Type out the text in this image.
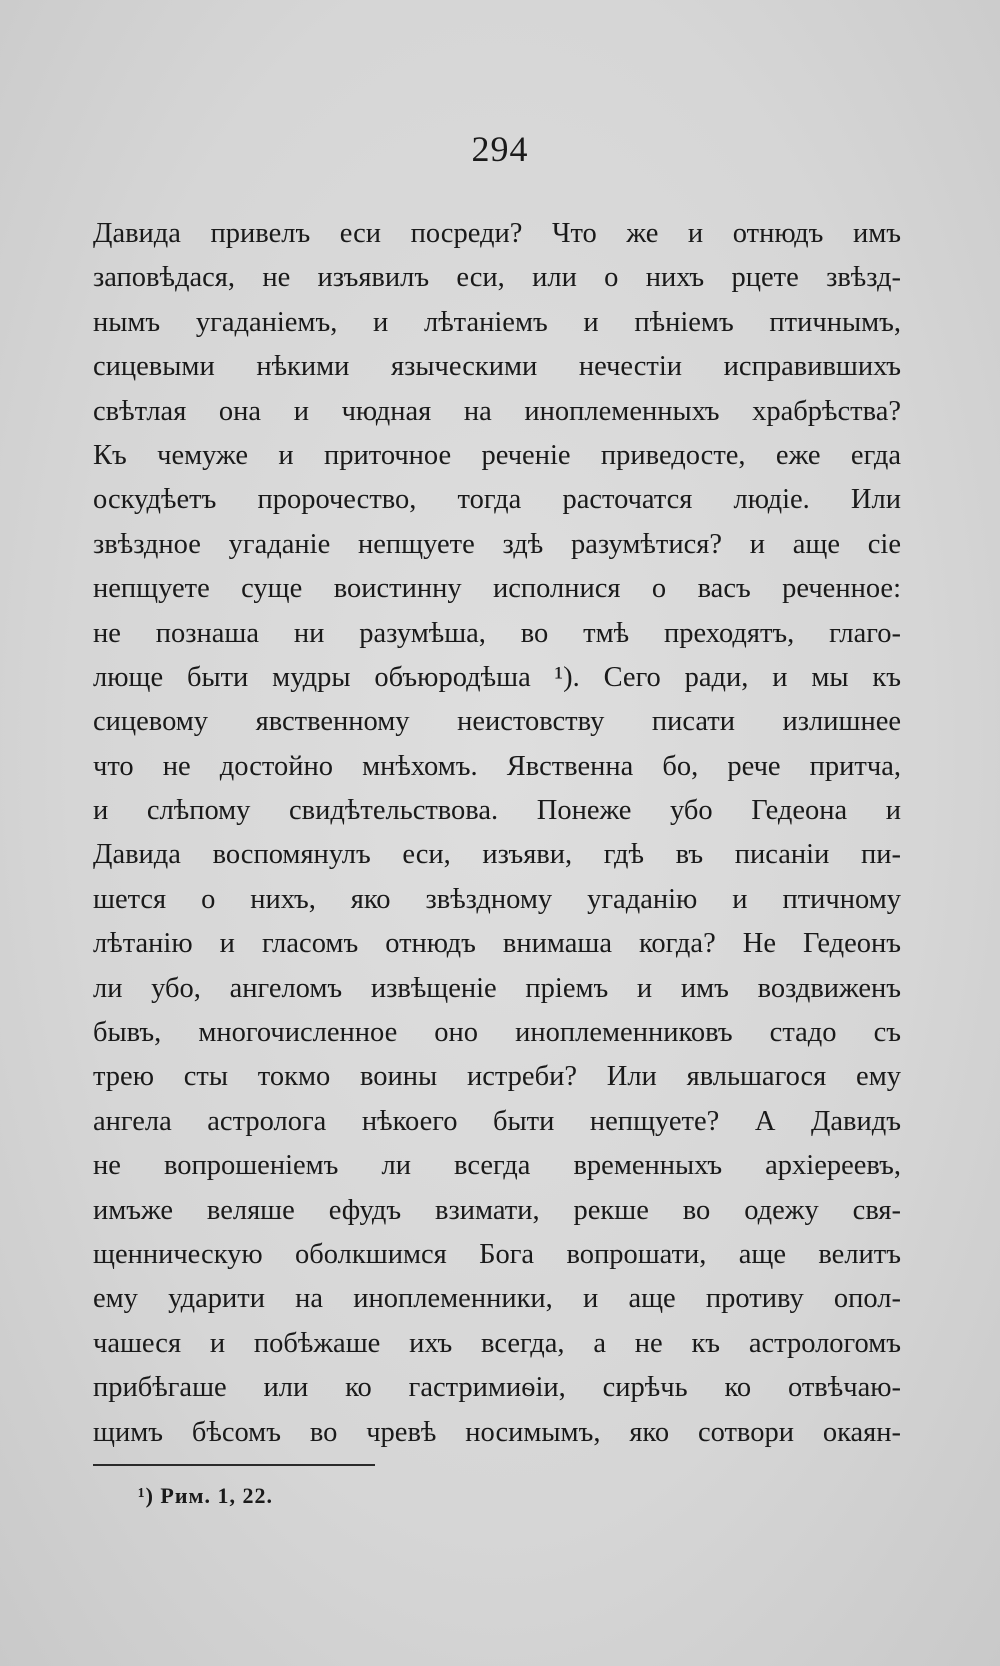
294
Давида привелъ еси посреди? Что же и отнюдъ имъ
заповѣдася, не изъявилъ еси, или о нихъ рцете звѣзд-
нымъ угаданіемъ, и лѣтаніемъ и пѣніемъ птичнымъ,
сицевыми нѣкими языческими нечестіи исправившихъ
свѣтлая она и чюдная на иноплеменныхъ храбрѣства?
Къ чемуже и приточное реченіе приведосте, еже егда
оскудѣетъ пророчество, тогда расточатся людіе. Или
звѣздное угаданіе непщуете здѣ разумѣтися? и аще сіе
непщуете суще воистинну исполнися о васъ реченное:
не познаша ни разумѣша, во тмѣ преходятъ, глаго-
люще быти мудры объюродѣша ¹). Сего ради, и мы къ
сицевому явственному неистовству писати излишнее
что не достойно мнѣхомъ. Явственна бо, рече притча,
и слѣпому свидѣтельствова. Понеже убо Гедеона и
Давида воспомянулъ еси, изъяви, гдѣ въ писаніи пи-
шется о нихъ, яко звѣздному угаданію и птичному
лѣтанію и гласомъ отнюдъ внимаша когда? Не Гедеонъ
ли убо, ангеломъ извѣщеніе пріемъ и имъ воздвиженъ
бывъ, многочисленное оно иноплеменниковъ стадо съ
трею сты токмо воины истреби? Или явльшагося ему
ангела астролога нѣкоего быти непщуете? А Давидъ
не вопрошеніемъ ли всегда временныхъ архіереевъ,
имъже веляше ефудъ взимати, рекше во одежу свя-
щенническую оболкшимся Бога вопрошати, аще велитъ
ему ударити на иноплеменники, и аще противу опол-
чашеся и побѣжаше ихъ всегда, а не къ астрологомъ
прибѣгаше или ко гастримиѳіи, сирѣчь ко отвѣчаю-
щимъ бѣсомъ во чревѣ носимымъ, яко сотвори окаян-
¹) Рим. 1, 22.
